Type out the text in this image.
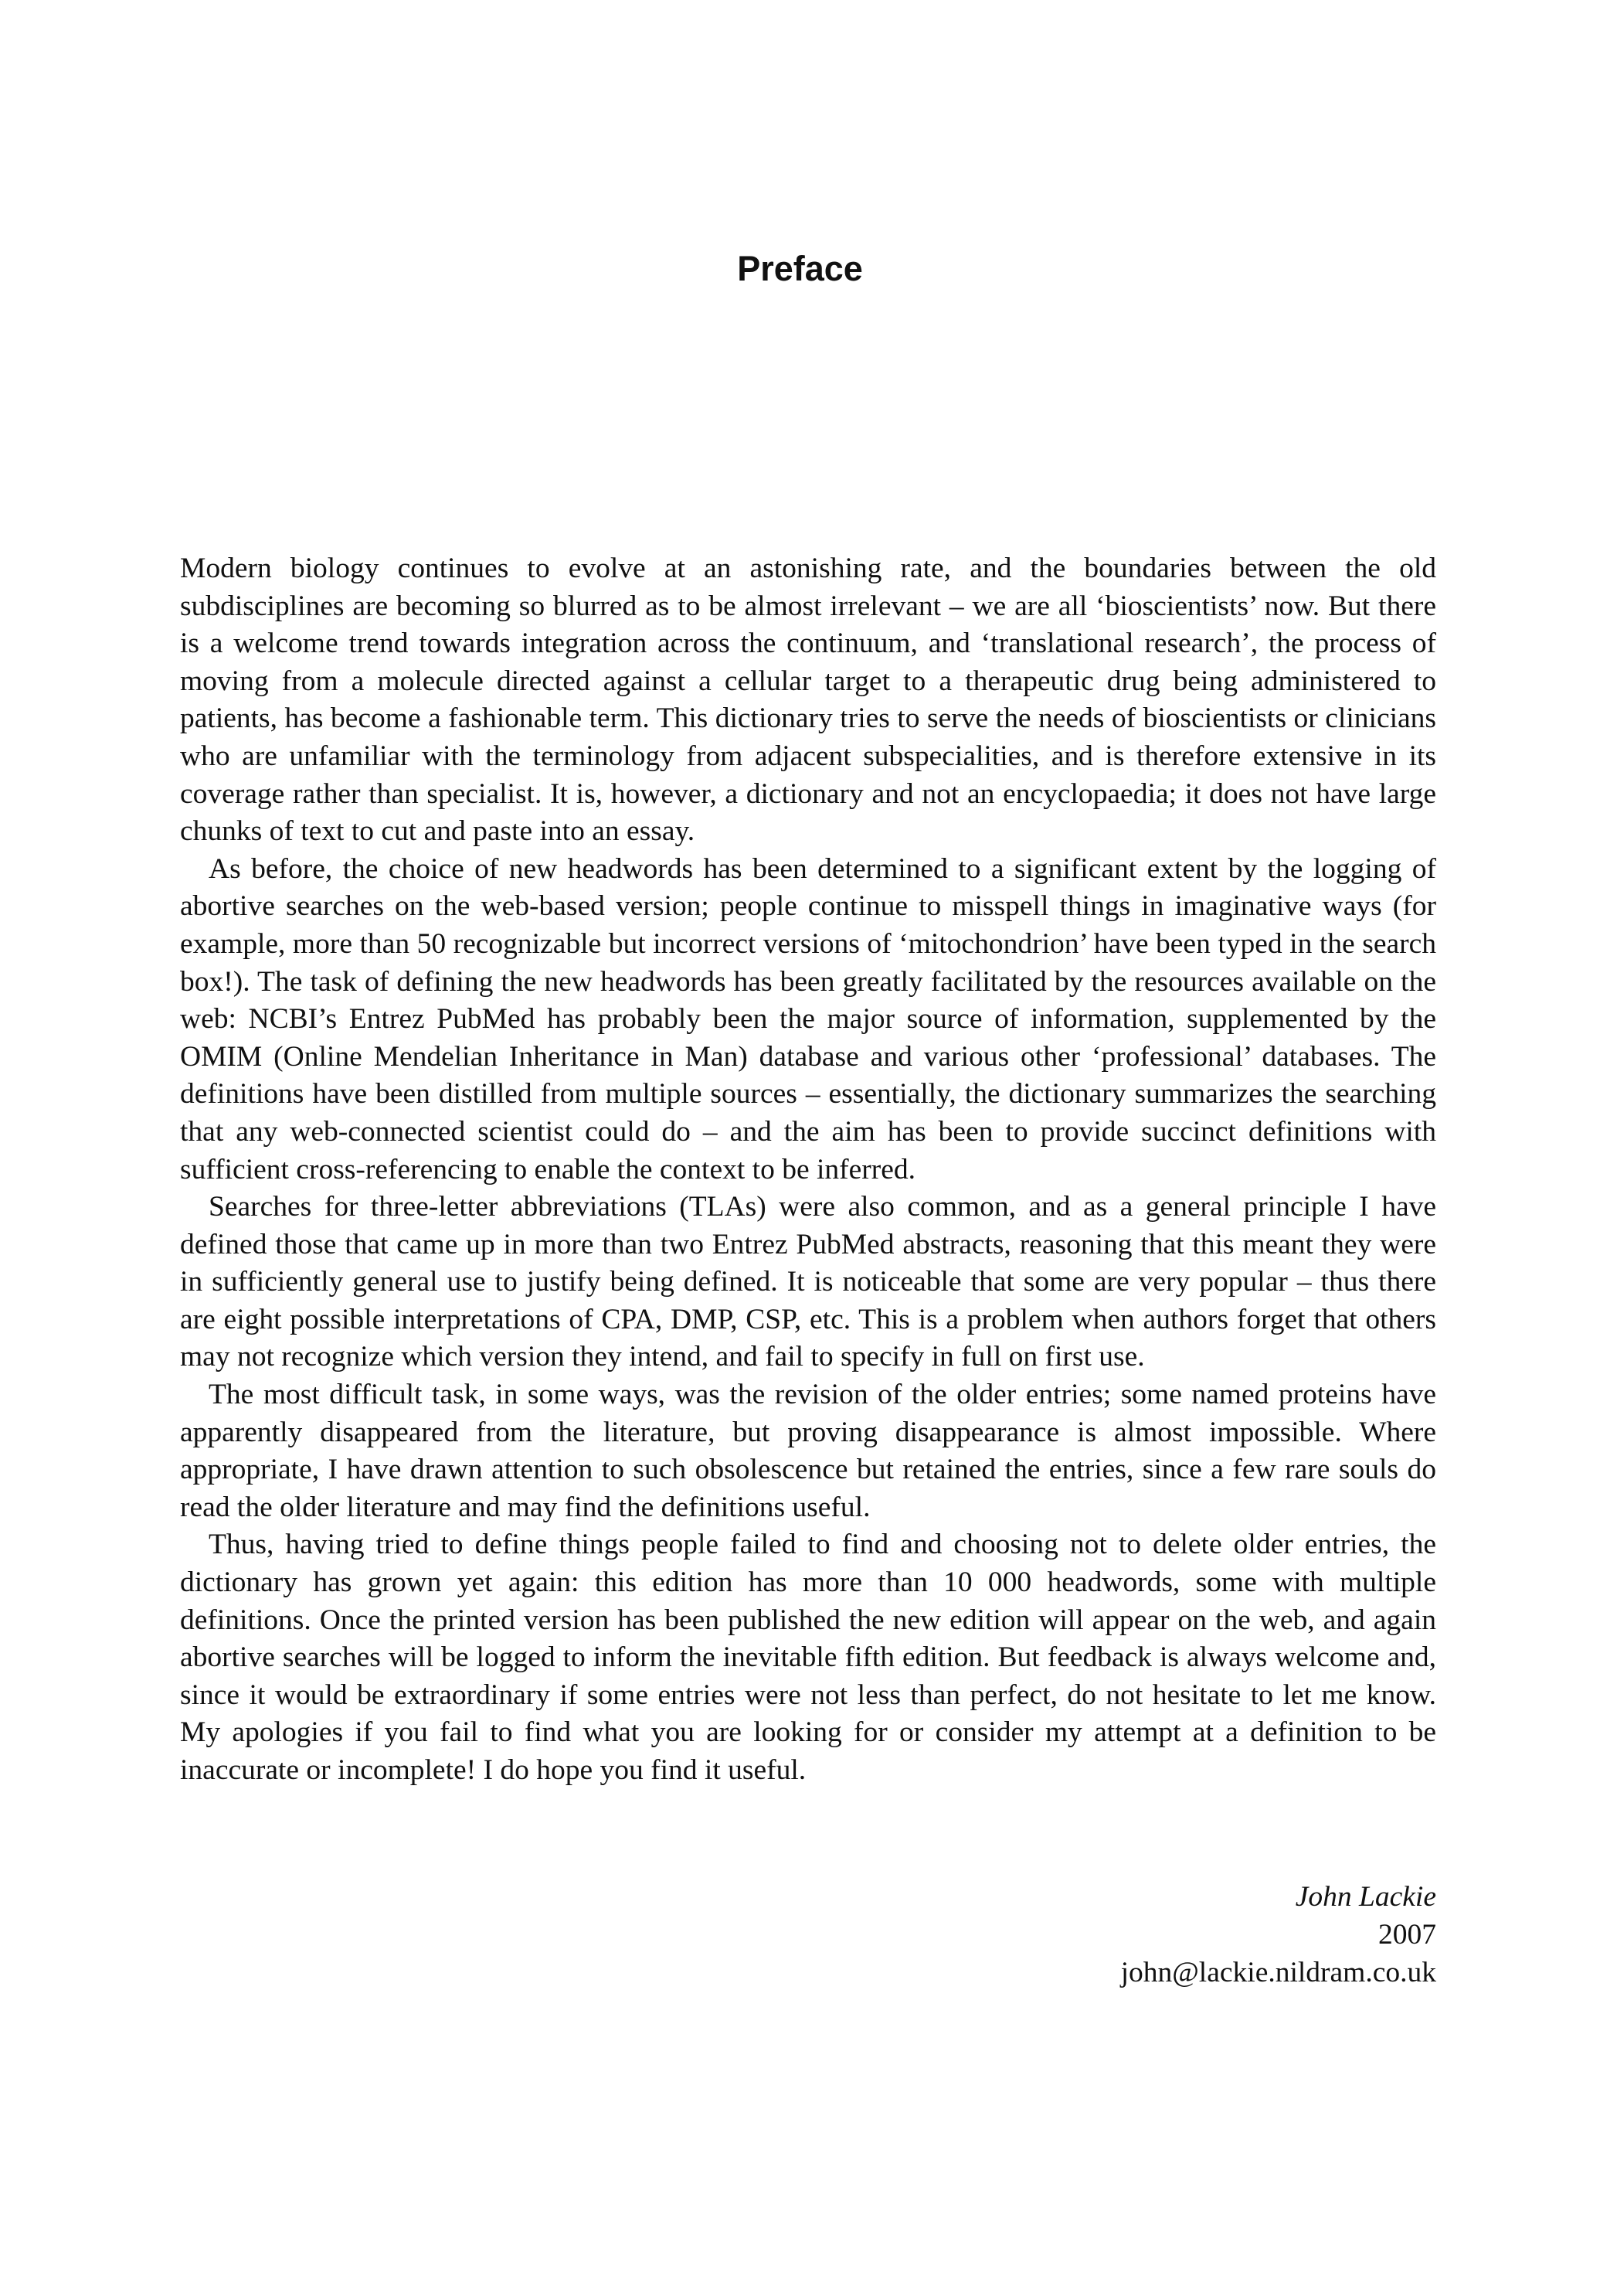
Preface

Modern biology continues to evolve at an astonishing rate, and the boundaries between the old subdisciplines are becoming so blurred as to be almost irrelevant – we are all ‘bioscientists’ now. But there is a welcome trend towards integration across the continuum, and ‘translational research’, the process of moving from a molecule directed against a cellular target to a therapeutic drug being administered to patients, has become a fashionable term. This dictionary tries to serve the needs of bioscientists or clinicians who are unfamiliar with the terminology from adjacent subspecialities, and is therefore extensive in its coverage rather than specialist. It is, however, a dictionary and not an encyclopaedia; it does not have large chunks of text to cut and paste into an essay.

As before, the choice of new headwords has been determined to a significant extent by the logging of abortive searches on the web-based version; people continue to misspell things in imaginative ways (for example, more than 50 recognizable but incorrect versions of ‘mitochondrion’ have been typed in the search box!). The task of defining the new headwords has been greatly facilitated by the resources available on the web: NCBI’s Entrez PubMed has probably been the major source of information, supplemented by the OMIM (Online Mendelian Inheritance in Man) database and various other ‘professional’ databases. The definitions have been distilled from multiple sources – essentially, the dictionary summarizes the searching that any web-connected scientist could do – and the aim has been to provide succinct definitions with sufficient cross-referencing to enable the context to be inferred.

Searches for three-letter abbreviations (TLAs) were also common, and as a general principle I have defined those that came up in more than two Entrez PubMed abstracts, reasoning that this meant they were in sufficiently general use to justify being defined. It is noticeable that some are very popular – thus there are eight possible interpretations of CPA, DMP, CSP, etc. This is a problem when authors forget that others may not recognize which version they intend, and fail to specify in full on first use.

The most difficult task, in some ways, was the revision of the older entries; some named proteins have apparently disappeared from the literature, but proving disappearance is almost impossible. Where appropriate, I have drawn attention to such obsolescence but retained the entries, since a few rare souls do read the older literature and may find the definitions useful.

Thus, having tried to define things people failed to find and choosing not to delete older entries, the dictionary has grown yet again: this edition has more than 10 000 headwords, some with multiple definitions. Once the printed version has been published the new edition will appear on the web, and again abortive searches will be logged to inform the inevitable fifth edition. But feedback is always welcome and, since it would be extraordinary if some entries were not less than perfect, do not hesitate to let me know. My apologies if you fail to find what you are looking for or consider my attempt at a definition to be inaccurate or incomplete! I do hope you find it useful.

John Lackie
2007
john@lackie.nildram.co.uk
